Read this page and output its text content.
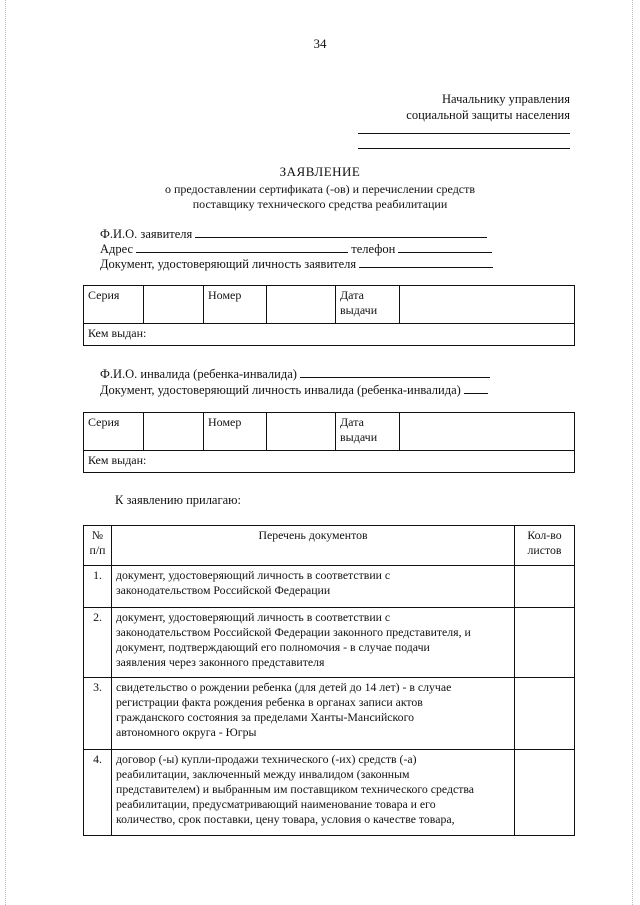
34
Начальнику управления
социальной защиты населения
ЗАЯВЛЕНИЕ
о предоставлении сертификата (-ов) и перечислении средств
поставщику технического средства реабилитации
Ф.И.О. заявителя
Адрес	телефон
Документ, удостоверяющий личность заявителя
Серия		Номер		Дата
выдачи	
Кем выдан:
Ф.И.О. инвалида (ребенка-инвалида)
Документ, удостоверяющий личность инвалида (ребенка-инвалида)
Серия		Номер		Дата
выдачи	
Кем выдан:
К заявлению прилагаю:
№
п/п	Перечень документов	Кол-во
листов
1.	документ, удостоверяющий личность в соответствии с
законодательством Российской Федерации	
2.	документ, удостоверяющий личность в соответствии с
законодательством Российской Федерации законного представителя, и
документ, подтверждающий его полномочия - в случае подачи
заявления через законного представителя	
3.	свидетельство о рождении ребенка (для детей до 14 лет) - в случае
регистрации факта рождения ребенка в органах записи актов
гражданского состояния за пределами Ханты-Мансийского
автономного округа - Югры	
4.	договор (-ы) купли-продажи технического (-их) средств (-а)
реабилитации, заключенный между инвалидом (законным
представителем) и выбранным им поставщиком технического средства
реабилитации, предусматривающий наименование товара и его
количество, срок поставки, цену товара, условия о качестве товара,	
